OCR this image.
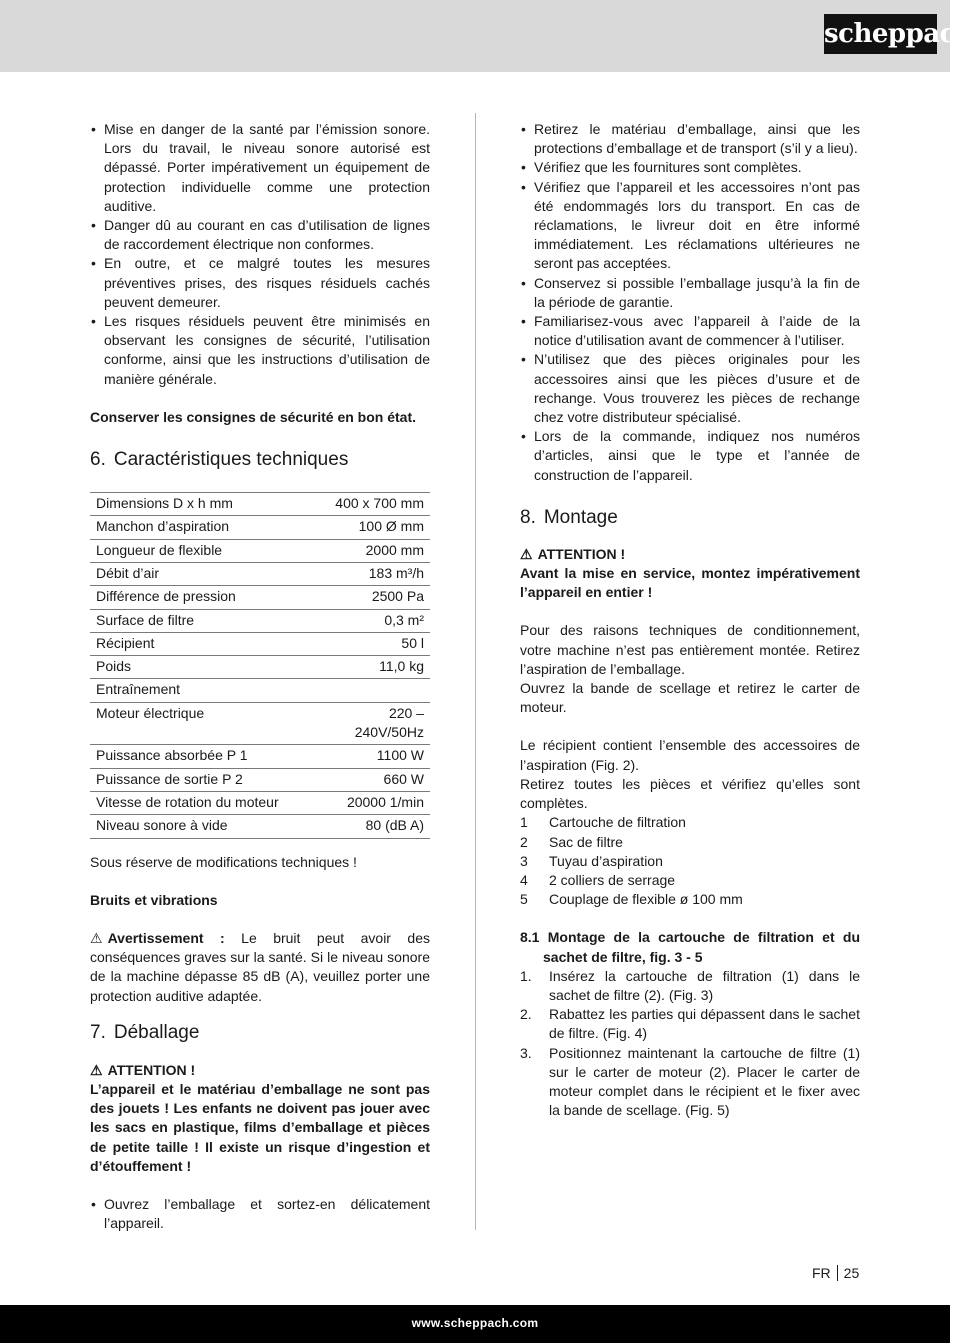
scheppach
• Mise en danger de la santé par l’émission sonore. Lors du travail, le niveau sonore autorisé est dépassé. Porter impérativement un équipement de protection individuelle comme une protection auditive.
• Danger dû au courant en cas d’utilisation de lignes de raccordement électrique non conformes.
• En outre, et ce malgré toutes les mesures préventives prises, des risques résiduels cachés peuvent demeurer.
• Les risques résiduels peuvent être minimisés en observant les consignes de sécurité, l’utilisation conforme, ainsi que les instructions d’utilisation de manière générale.

Conserver les consignes de sécurité en bon état.

6. Caractéristiques techniques
Dimensions D x h mm	400 x 700 mm
Manchon d’aspiration	100 Ø mm
Longueur de flexible	2000 mm
Débit d’air	183 m³/h
Différence de pression	2500 Pa
Surface de filtre	0,3 m²
Récipient	50 l
Poids	11,0 kg
Entraînement	
Moteur électrique	220 –
240V/50Hz
Puissance absorbée P 1	1100 W
Puissance de sortie P 2	660 W
Vitesse de rotation du moteur	20000 1/min
Niveau sonore à vide	80 (dB A)

Sous réserve de modifications techniques !

Bruits et vibrations

⚠ Avertissement : Le bruit peut avoir des conséquences graves sur la santé. Si le niveau sonore de la machine dépasse 85 dB (A), veuillez porter une protection auditive adaptée.

7. Déballage

⚠ ATTENTION !

L’appareil et le matériau d’emballage ne sont pas des jouets ! Les enfants ne doivent pas jouer avec les sacs en plastique, films d’emballage et pièces de petite taille ! Il existe un risque d’ingestion et d’étouffement !

• Ouvrez l’emballage et sortez-en délicatement l’appareil.
• Retirez le matériau d’emballage, ainsi que les protections d’emballage et de transport (s’il y a lieu).
• Vérifiez que les fournitures sont complètes.
• Vérifiez que l’appareil et les accessoires n’ont pas été endommagés lors du transport. En cas de réclamations, le livreur doit en être informé immédiatement. Les réclamations ultérieures ne seront pas acceptées.
• Conservez si possible l’emballage jusqu’à la fin de la période de garantie.
• Familiarisez-vous avec l’appareil à l’aide de la notice d’utilisation avant de commencer à l’utiliser.
• N’utilisez que des pièces originales pour les accessoires ainsi que les pièces d’usure et de rechange. Vous trouverez les pièces de rechange chez votre distributeur spécialisé.
• Lors de la commande, indiquez nos numéros d’articles, ainsi que le type et l’année de construction de l’appareil.
8. Montage

⚠ ATTENTION !

Avant la mise en service, montez impérativement l’appareil en entier !

Pour des raisons techniques de conditionnement, votre machine n’est pas entièrement montée. Retirez l’aspiration de l’emballage.

Ouvrez la bande de scellage et retirez le carter de moteur.

Le récipient contient l’ensemble des accessoires de l’aspiration (Fig. 2).

Retirez toutes les pièces et vérifiez qu’elles sont complètes.

1 Cartouche de filtration
2 Sac de filtre
3 Tuyau d’aspiration
4 2 colliers de serrage
5 Couplage de flexible ø 100 mm

8.1 Montage de la cartouche de filtration et du sachet de filtre, fig. 3 - 5

1. Insérez la cartouche de filtration (1) dans le sachet de filtre (2). (Fig. 3)
2. Rabattez les parties qui dépassent dans le sachet de filtre. (Fig. 4)
3. Positionnez maintenant la cartouche de filtre (1) sur le carter de moteur (2). Placer le carter de moteur complet dans le récipient et le fixer avec la bande de scellage. (Fig. 5)
FR 25
www.scheppach.com
